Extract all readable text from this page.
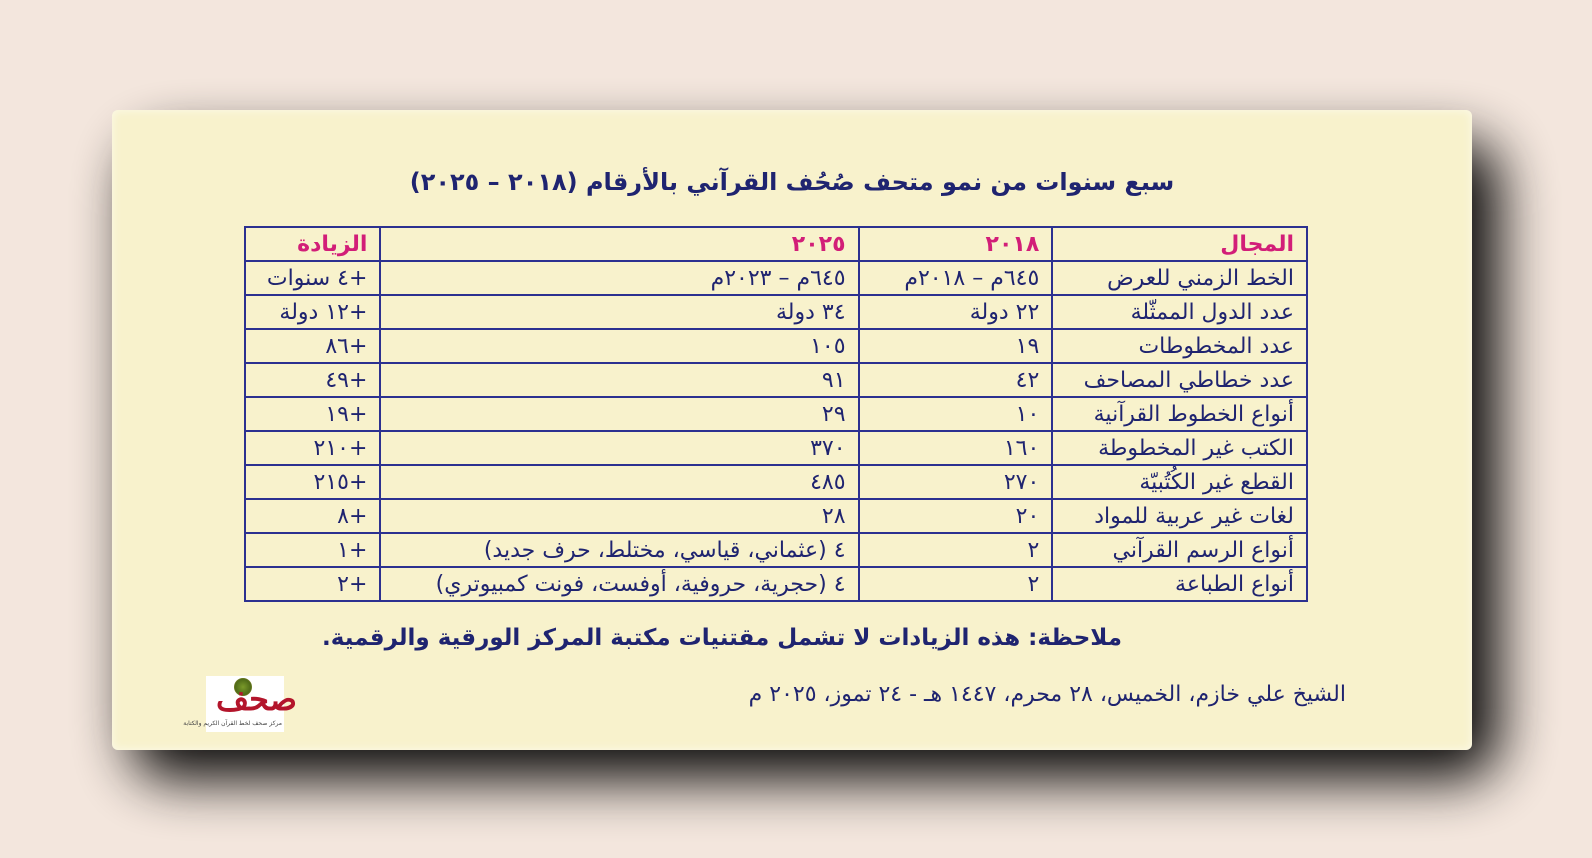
سبع سنوات من نمو متحف صُحُف القرآني بالأرقام (٢٠١٨ – ٢٠٢٥)
المجال	٢٠١٨	٢٠٢٥	الزيادة
الخط الزمني للعرض	٦٤٥م – ٢٠١٨م	٦٤٥م – ٢٠٢٣م	+٤ سنوات
عدد الدول الممثّلة	٢٢ دولة	٣٤ دولة	+١٢ دولة
عدد المخطوطات	١٩	١٠٥	+٨٦
عدد خطاطي المصاحف	٤٢	٩١	+٤٩
أنواع الخطوط القرآنية	١٠	٢٩	+١٩
الكتب غير المخطوطة	١٦٠	٣٧٠	+٢١٠
القطع غير الكُتُبيّة	٢٧٠	٤٨٥	+٢١٥
لغات غير عربية للمواد	٢٠	٢٨	+٨
أنواع الرسم القرآني	٢	٤ (عثماني، قياسي، مختلط، حرف جديد)	+١
أنواع الطباعة	٢	٤ (حجرية، حروفية، أوفست، فونت كمبيوتري)	+٢
ملاحظة: هذه الزيادات لا تشمل مقتنيات مكتبة المركز الورقية والرقمية.
الشيخ علي خازم، الخميس، ٢٨ محرم، ١٤٤٧ هـ - ٢٤ تموز، ٢٠٢٥ م
صحف
مركز صحف لخط القرآن الكريم والكتابة
